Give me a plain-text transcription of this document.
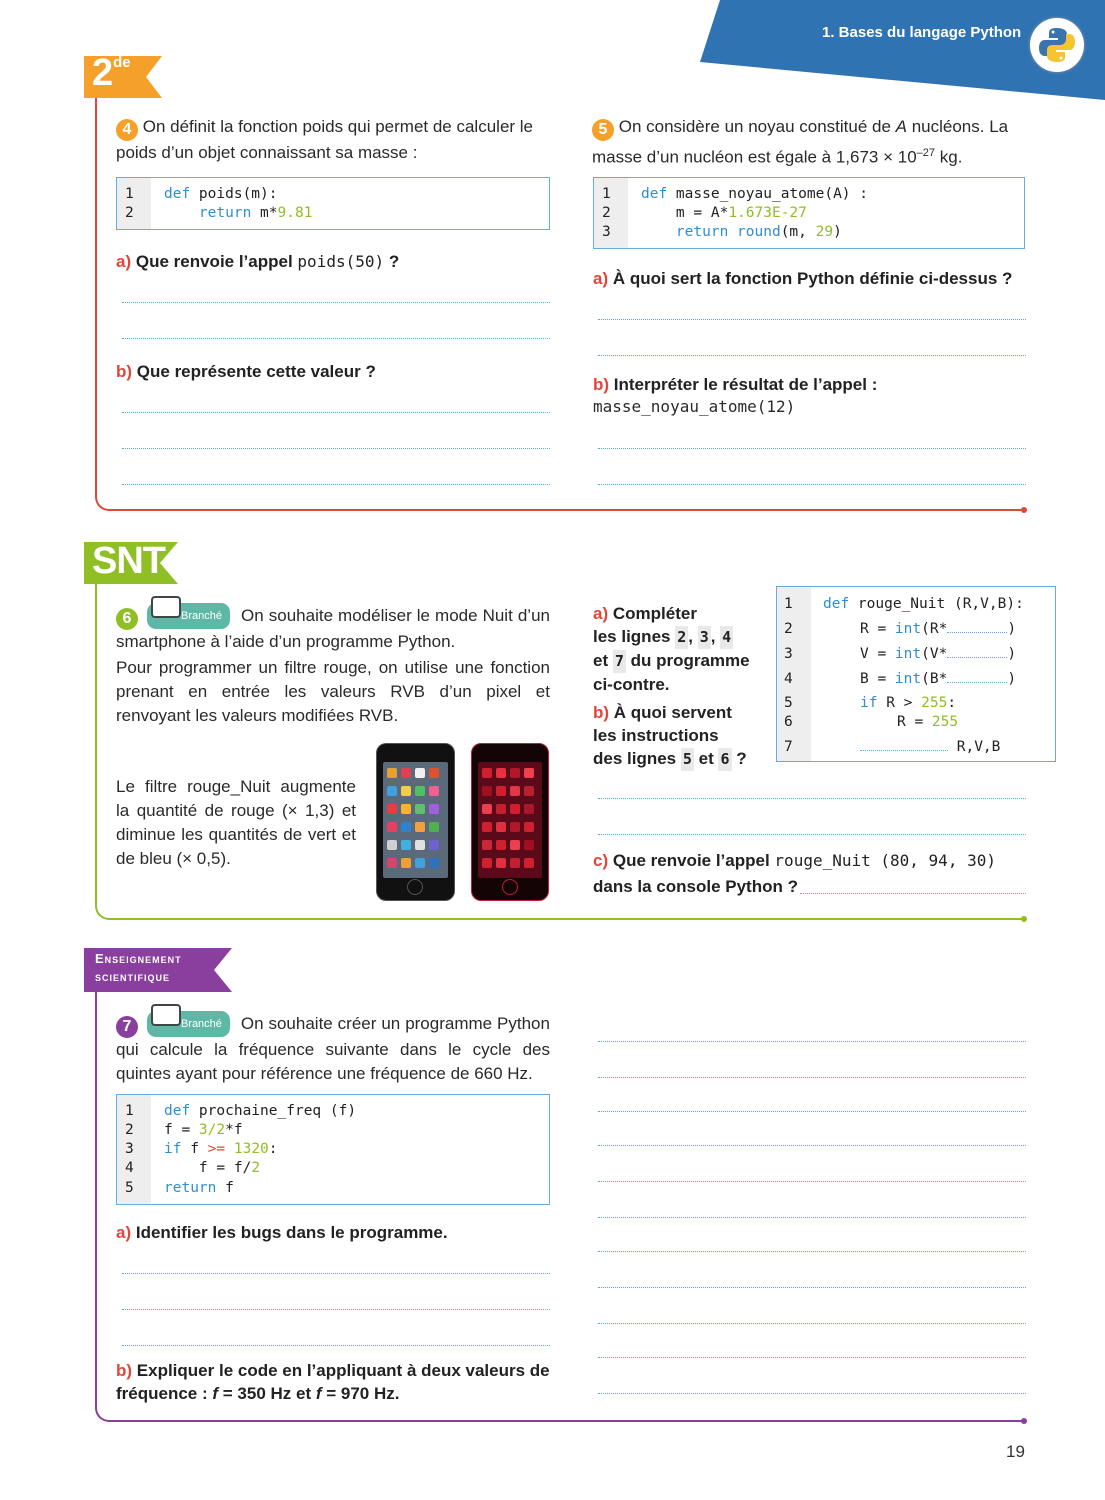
1. Bases du langage Python
2de
4 On définit la fonction poids qui permet de calculer le poids d’un objet connaissant sa masse :
1
2
def poids(m):
return m*9.81
a) Que renvoie l’appel poids(50) ?
b) Que représente cette valeur ?
5 On considère un noyau constitué de A nucléons. La masse d’un nucléon est égale à $1,673 \times 10^{-27}$ kg.
1
2
3
def masse_noyau_atome(A) :
m = A*1.673E-27
return round(m, 29)
a) À quoi sert la fonction Python définie ci-dessus ?
b) Interpréter le résultat de l’appel :
masse_noyau_atome(12)
SNT
6	Branché On souhaite modéliser le mode Nuit d’un smartphone à l’aide d’un programme Python.
Pour programmer un filtre rouge, on utilise une fonction prenant en entrée les valeurs RVB d’un pixel et renvoyant les valeurs modifiées RVB.
Le filtre rouge_Nuit augmente la quantité de rouge (× 1,3) et diminue les quantités de vert et de bleu (× 0,5).
a) Compléter
les lignes 2 , 3 , 4
et 7 du programme
ci-contre.
b) À quoi servent
les instructions
des lignes 5 et 6 ?
1
2
3
4
5
6
7
def rouge_Nuit (R,V,B):
R = int(R*	)
V = int(V*	)
B = int(B*	)
if R > 255:
R = 255
R,V,B
c) Que renvoie l’appel rouge_Nuit (80, 94, 30)
dans la console Python ?
Enseignement
scientifique
7	Branché On souhaite créer un programme Python qui calcule la fréquence suivante dans le cycle des quintes ayant pour référence une fréquence de 660 Hz.
1
2
3
4
5
def prochaine_freq (f)
f = 3/2*f
if f >= 1320:
f = f/2
return f
a) Identifier les bugs dans le programme.
b) Expliquer le code en l’appliquant à deux valeurs de
fréquence : f = 350 Hz et f = 970 Hz.
19
